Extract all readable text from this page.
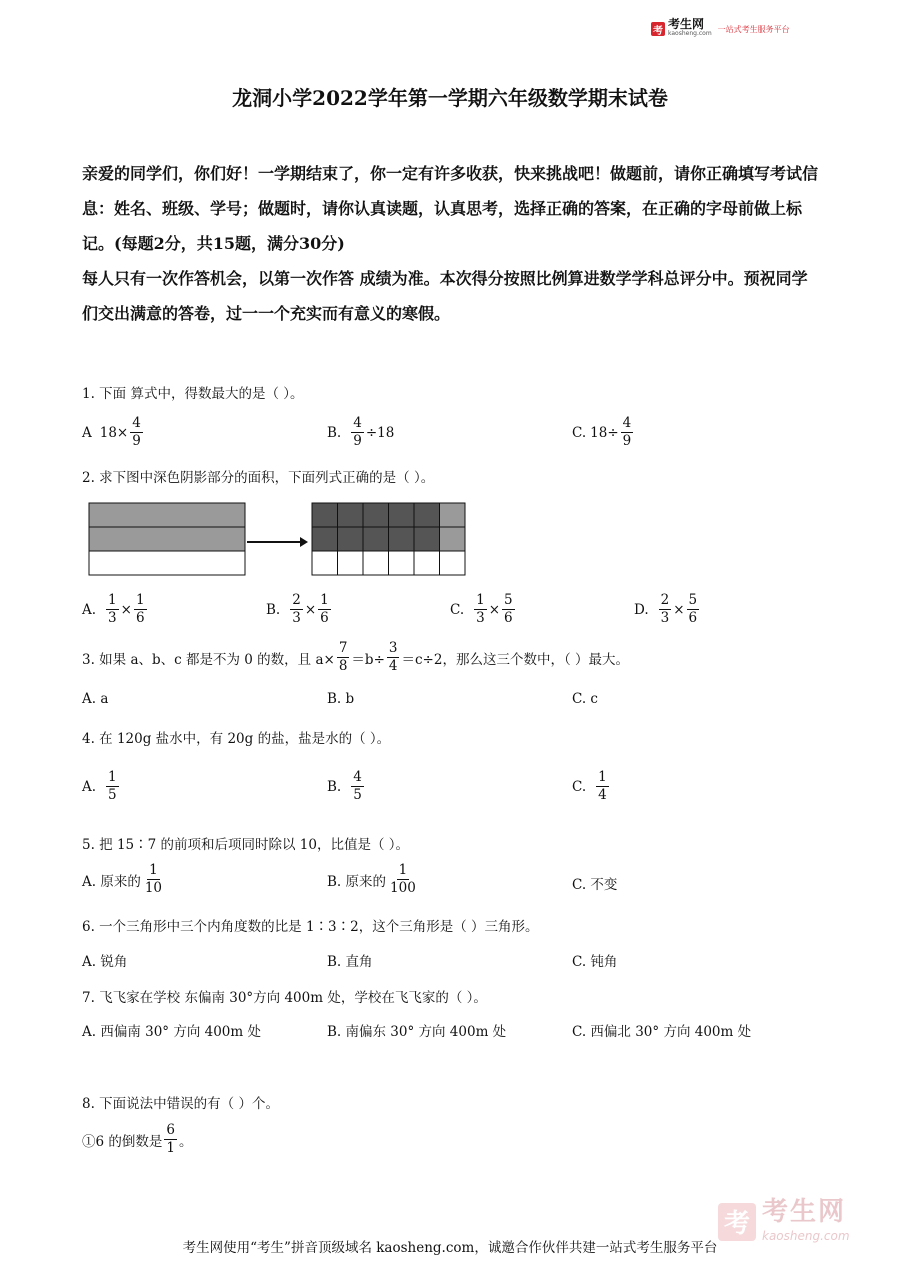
考 考生网
kaosheng.com 一站式考生服务平台
龙洞小学2022学年第一学期六年级数学期末试卷

亲爱的同学们，你们好！一学期结束了，你一定有许多收获，快来挑战吧！做题前，请你正确填写考试信息：姓名、班级、学号；做题时，请你认真读题，认真思考，选择正确的答案，在正确的字母前做上标记。(每题2分，共15题，满分30分)

每人只有一次作答机会，以第一次作答 成绩为准。本次得分按照比例算进数学学科总评分中。预祝同学们交出满意的答卷，过一一个充实而有意义的寒假。

1. 下面 算式中，得数最大的是（ ）。
A $18\times \frac{4}{9}$	B. $\frac{4}{9} \div 18$	C. $18\div \frac{4}{9}$
2. 求下图中深色阴影部分的面积，下面列式正确的是（ ）。
A. $\frac{1}{3} \times \frac{1}{6}$	B. $\frac{2}{3} \times \frac{1}{6}$	C. $\frac{1}{3} \times \frac{5}{6}$	D. $\frac{2}{3} \times \frac{5}{6}$
3. 如果 a、b、c 都是不为 0 的数，且 $a\times \frac{7}{8} =b\div \frac{3}{4} =c\div 2$，那么这三个数中，（ ）最大。
A. a	B. b	C. c
4. 在 120g 盐水中，有 20g 的盐，盐是水的（ ）。
A. $\frac{1}{5}$	B. $\frac{4}{5}$	C. $\frac{1}{4}$
5. 把 15∶7 的前项和后项同时除以 10，比值是（ ）。
A. 原来的 $\frac{1}{10}$	B. 原来的 $\frac{1}{100}$	C. 不变
6. 一个三角形中三个内角度数的比是 1∶3∶2，这个三角形是（ ）三角形。
A. 锐角	B. 直角	C. 钝角
7. 飞飞家在学校 东偏南 30°方向 400m 处，学校在飞飞家的（ ）。
A. 西偏南 30° 方向 400m 处	B. 南偏东 30° 方向 400m 处	C. 西偏北 30° 方向 400m 处
8. 下面说法中错误的有（ ）个。
①6 的倒数是 $\frac{6}{1}$ 。
考 考生网
kaosheng.com
考生网使用“考生”拼音顶级域名 kaosheng.com，诚邀合作伙伴共建一站式考生服务平台
